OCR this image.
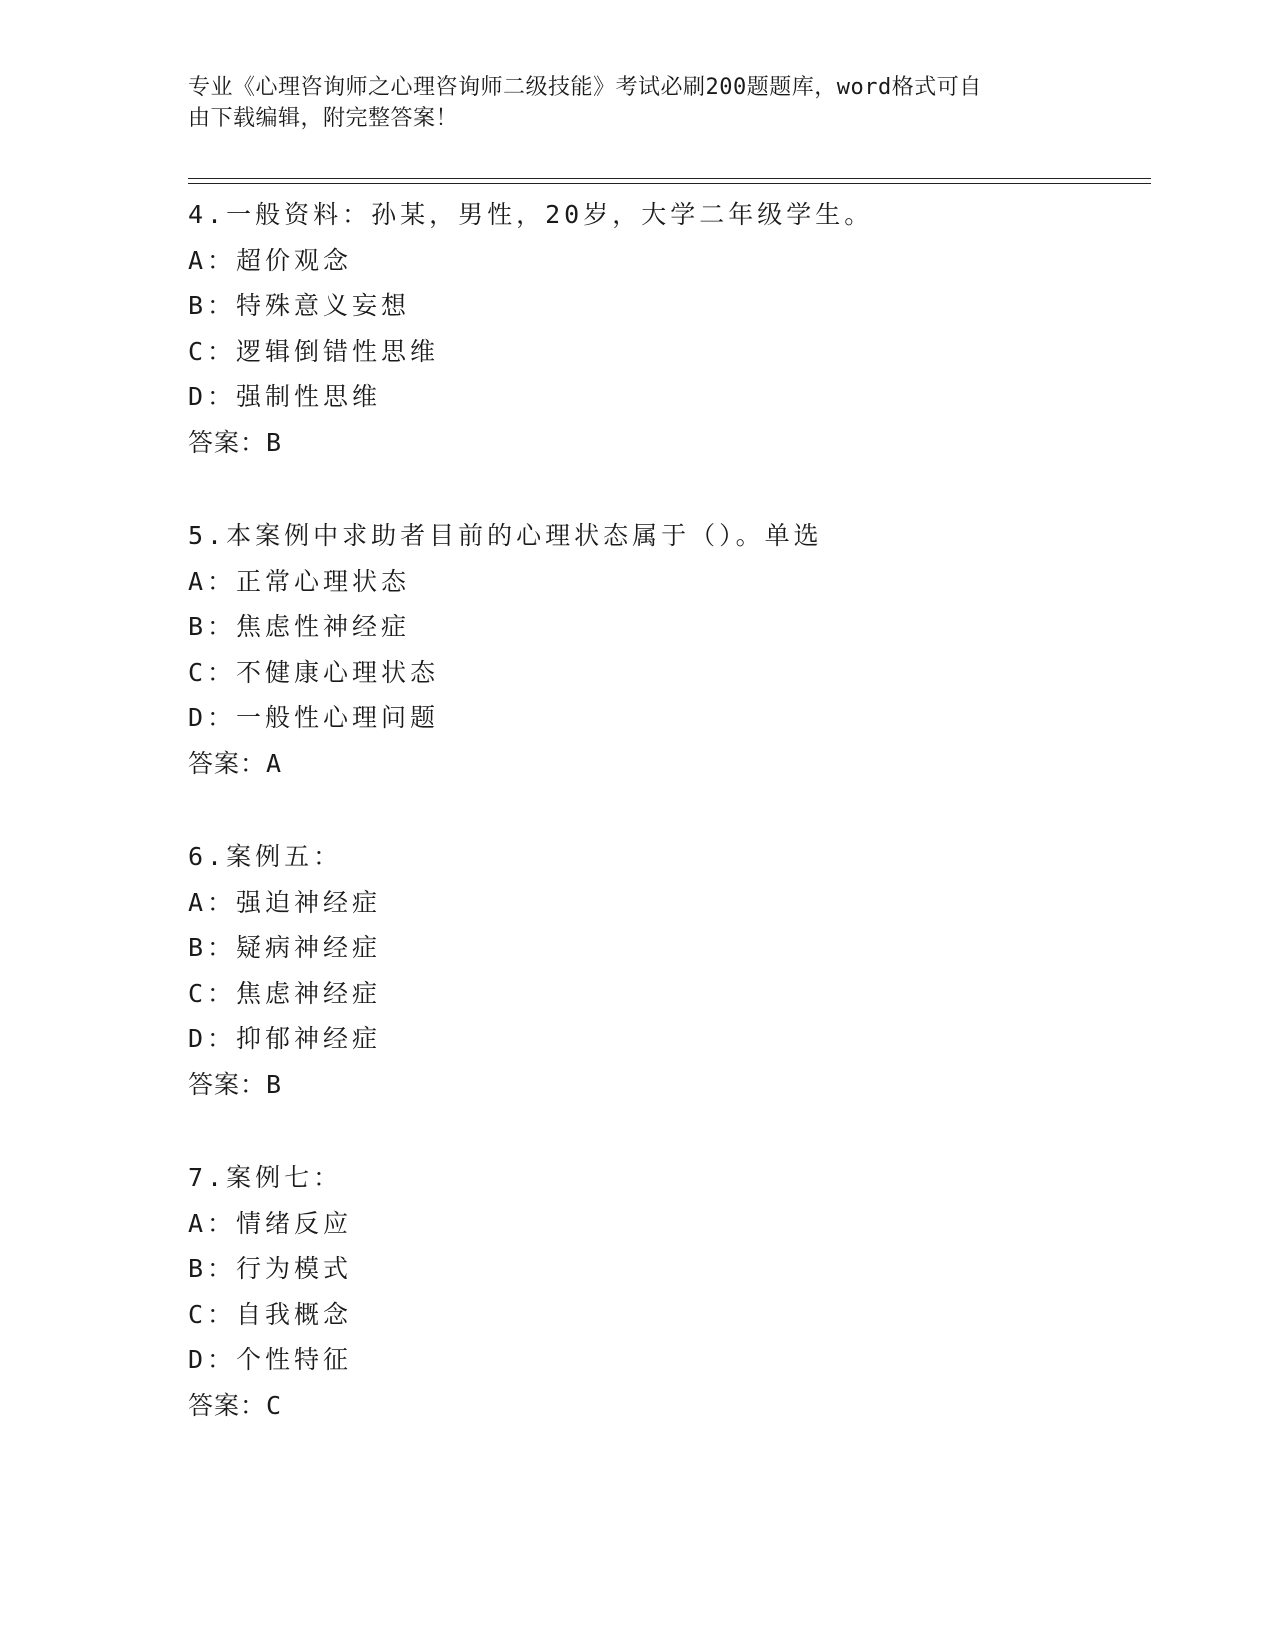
专业《心理咨询师之心理咨询师二级技能》考试必刷200题题库，word格式可自
由下载编辑，附完整答案！
4.一般资料：孙某，男性，20岁，大学二年级学生。
A：超价观念
B：特殊意义妄想
C：逻辑倒错性思维
D：强制性思维
答案：B
5.本案例中求助者目前的心理状态属于（）。单选
A：正常心理状态
B：焦虑性神经症
C：不健康心理状态
D：一般性心理问题
答案：A
6.案例五：
A：强迫神经症
B：疑病神经症
C：焦虑神经症
D：抑郁神经症
答案：B
7.案例七：
A：情绪反应
B：行为模式
C：自我概念
D：个性特征
答案：C
